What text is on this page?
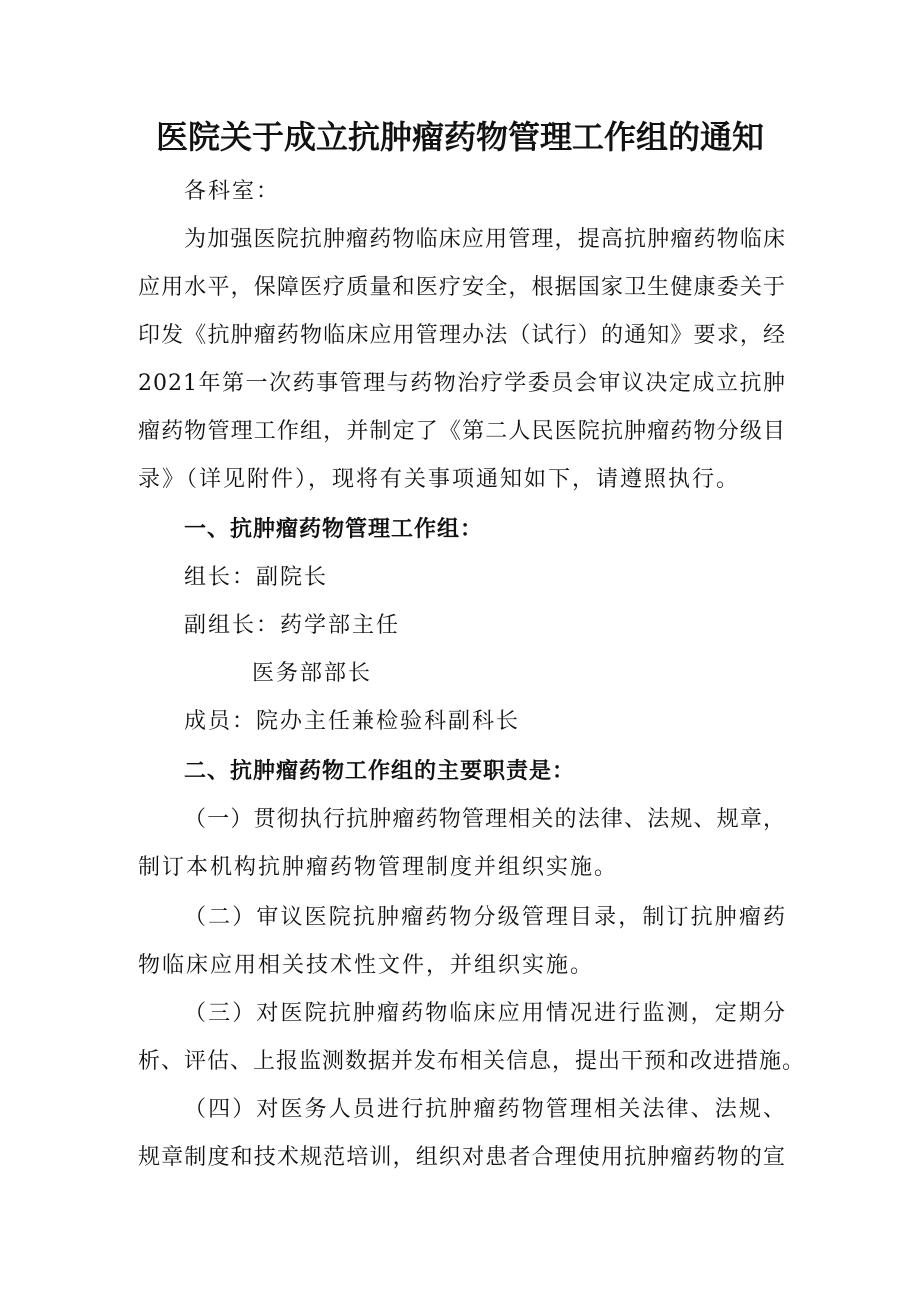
医院关于成立抗肿瘤药物管理工作组的通知
各科室：
为加强医院抗肿瘤药物临床应用管理，提高抗肿瘤药物临床
应用水平，保障医疗质量和医疗安全，根据国家卫生健康委关于
印发《抗肿瘤药物临床应用管理办法（试行）的通知》要求，经
2021年第一次药事管理与药物治疗学委员会审议决定成立抗肿
瘤药物管理工作组，并制定了《第二人民医院抗肿瘤药物分级目
录》（详见附件），现将有关事项通知如下，请遵照执行。
一、抗肿瘤药物管理工作组：
组长：副院长
副组长：药学部主任
医务部部长
成员：院办主任兼检验科副科长
二、抗肿瘤药物工作组的主要职责是：
（一）贯彻执行抗肿瘤药物管理相关的法律、法规、规章，
制订本机构抗肿瘤药物管理制度并组织实施。
（二）审议医院抗肿瘤药物分级管理目录，制订抗肿瘤药
物临床应用相关技术性文件，并组织实施。
（三）对医院抗肿瘤药物临床应用情况进行监测，定期分
析、评估、上报监测数据并发布相关信息，提出干预和改进措施。
（四）对医务人员进行抗肿瘤药物管理相关法律、法规、
规章制度和技术规范培训，组织对患者合理使用抗肿瘤药物的宣
